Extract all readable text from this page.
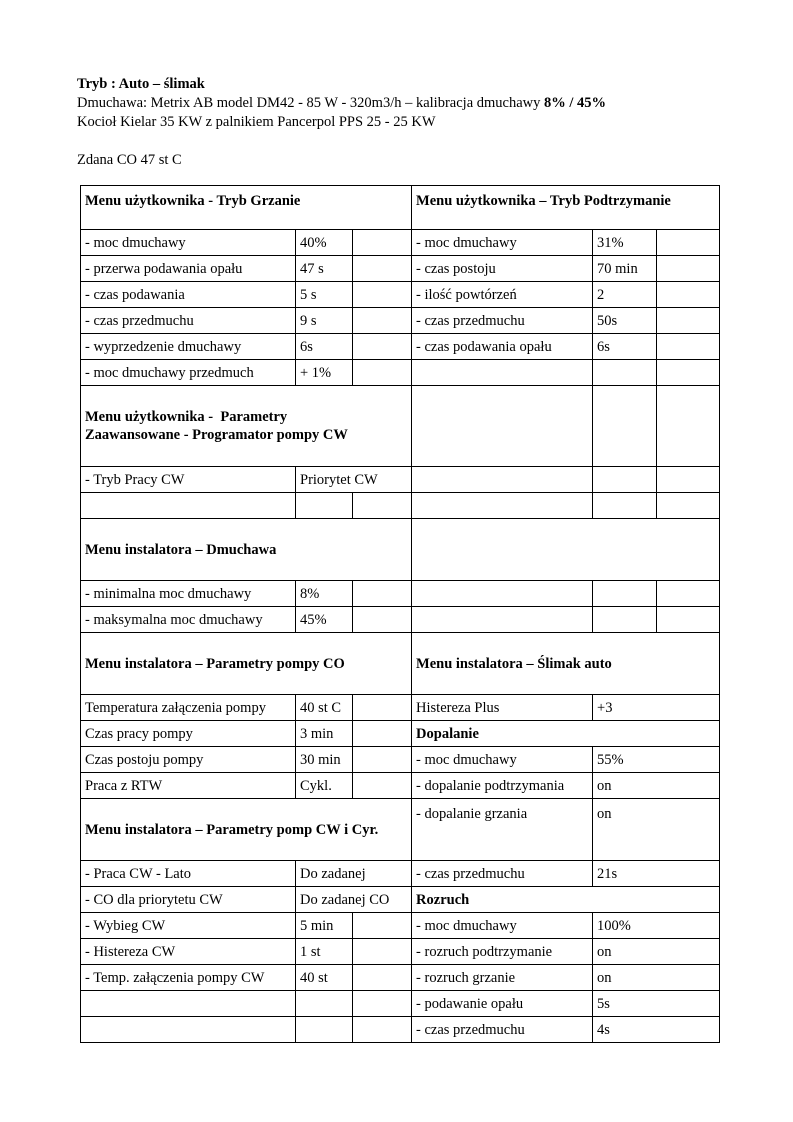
Tryb : Auto – ślimak
Dmuchawa: Metrix AB model DM42 - 85 W - 320m3/h – kalibracja dmuchawy 8% / 45%
Kocioł Kielar 35 KW z palnikiem Pancerpol PPS 25 - 25 KW
Zdana CO 47 st C
Menu użytkownika - Tryb Grzanie			Menu użytkownika – Tryb Podtrzymanie		
- moc dmuchawy	40%		- moc dmuchawy	31%	
- przerwa podawania opału	47 s		- czas postoju	70 min	
- czas podawania	5 s		- ilość powtórzeń	2	
- czas przedmuchu	9 s		- czas przedmuchu	50s	
- wyprzedzenie dmuchawy	6s		- czas podawania opału	6s	
- moc dmuchawy przedmuch	+ 1%				

Menu użytkownika -  Parametry
Zaawansowane - Programator pompy CW					

- Tryb Pracy CW	Priorytet CW				

Menu instalatora – Dmuchawa					
- minimalna moc dmuchawy	8%				
- maksymalna moc dmuchawy	45%				
Menu instalatora – Parametry pompy CO			Menu instalatora – Ślimak auto		
Temperatura załączenia pompy	40 st C		Histereza Plus	+3	
Czas pracy pompy	3 min		Dopalanie		
Czas postoju pompy	30 min		- moc dmuchawy	55%	
Praca z RTW	Cykl.		- dopalanie podtrzymania	on	
Menu instalatora – Parametry pomp CW i Cyr.			- dopalanie grzania	on	
- Praca CW - Lato	Do zadanej		- czas przedmuchu	21s	
- CO dla priorytetu CW	Do zadanej CO		Rozruch		
- Wybieg CW	5 min		- moc dmuchawy	100%	
- Histereza CW	1 st		- rozruch podtrzymanie	on	
- Temp. załączenia pompy CW	40 st		- rozruch grzanie	on	
			- podawanie opału	5s	
			- czas przedmuchu	4s	
